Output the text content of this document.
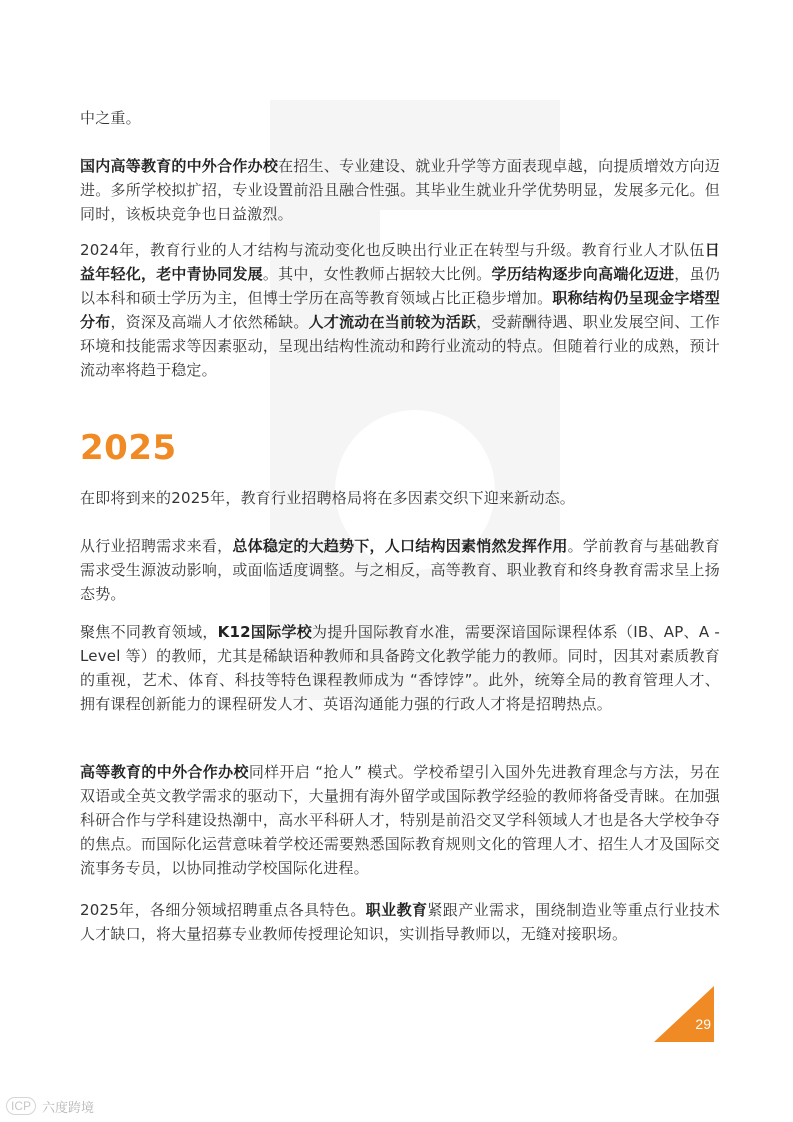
中之重。

国内高等教育的中外合作办校在招生、专业建设、就业升学等方面表现卓越，向提质增效方向迈进。多所学校拟扩招，专业设置前沿且融合性强。其毕业生就业升学优势明显，发展多元化。但同时，该板块竞争也日益激烈。

2024年，教育行业的人才结构与流动变化也反映出行业正在转型与升级。教育行业人才队伍日益年轻化，老中青协同发展。其中，女性教师占据较大比例。学历结构逐步向高端化迈进，虽仍以本科和硕士学历为主，但博士学历在高等教育领域占比正稳步增加。职称结构仍呈现金字塔型分布，资深及高端人才依然稀缺。人才流动在当前较为活跃，受薪酬待遇、职业发展空间、工作环境和技能需求等因素驱动，呈现出结构性流动和跨行业流动的特点。但随着行业的成熟，预计流动率将趋于稳定。

2025

在即将到来的2025年，教育行业招聘格局将在多因素交织下迎来新动态。

从行业招聘需求来看，总体稳定的大趋势下，人口结构因素悄然发挥作用。学前教育与基础教育需求受生源波动影响，或面临适度调整。与之相反，高等教育、职业教育和终身教育需求呈上扬态势。

聚焦不同教育领域，K12国际学校为提升国际教育水准，需要深谙国际课程体系（IB、AP、A - Level 等）的教师，尤其是稀缺语种教师和具备跨文化教学能力的教师。同时，因其对素质教育的重视，艺术、体育、科技等特色课程教师成为 “香饽饽”。此外，统筹全局的教育管理人才、拥有课程创新能力的课程研发人才、英语沟通能力强的行政人才将是招聘热点。

高等教育的中外合作办校同样开启 “抢人” 模式。学校希望引入国外先进教育理念与方法，另在双语或全英文教学需求的驱动下，大量拥有海外留学或国际教学经验的教师将备受青睐。在加强科研合作与学科建设热潮中，高水平科研人才，特别是前沿交叉学科领域人才也是各大学校争夺的焦点。而国际化运营意味着学校还需要熟悉国际教育规则文化的管理人才、招生人才及国际交流事务专员，以协同推动学校国际化进程。

2025年，各细分领域招聘重点各具特色。职业教育紧跟产业需求，围绕制造业等重点行业技术人才缺口，将大量招募专业教师传授理论知识，实训指导教师以，无缝对接职场。

29
ICP 六度跨境
